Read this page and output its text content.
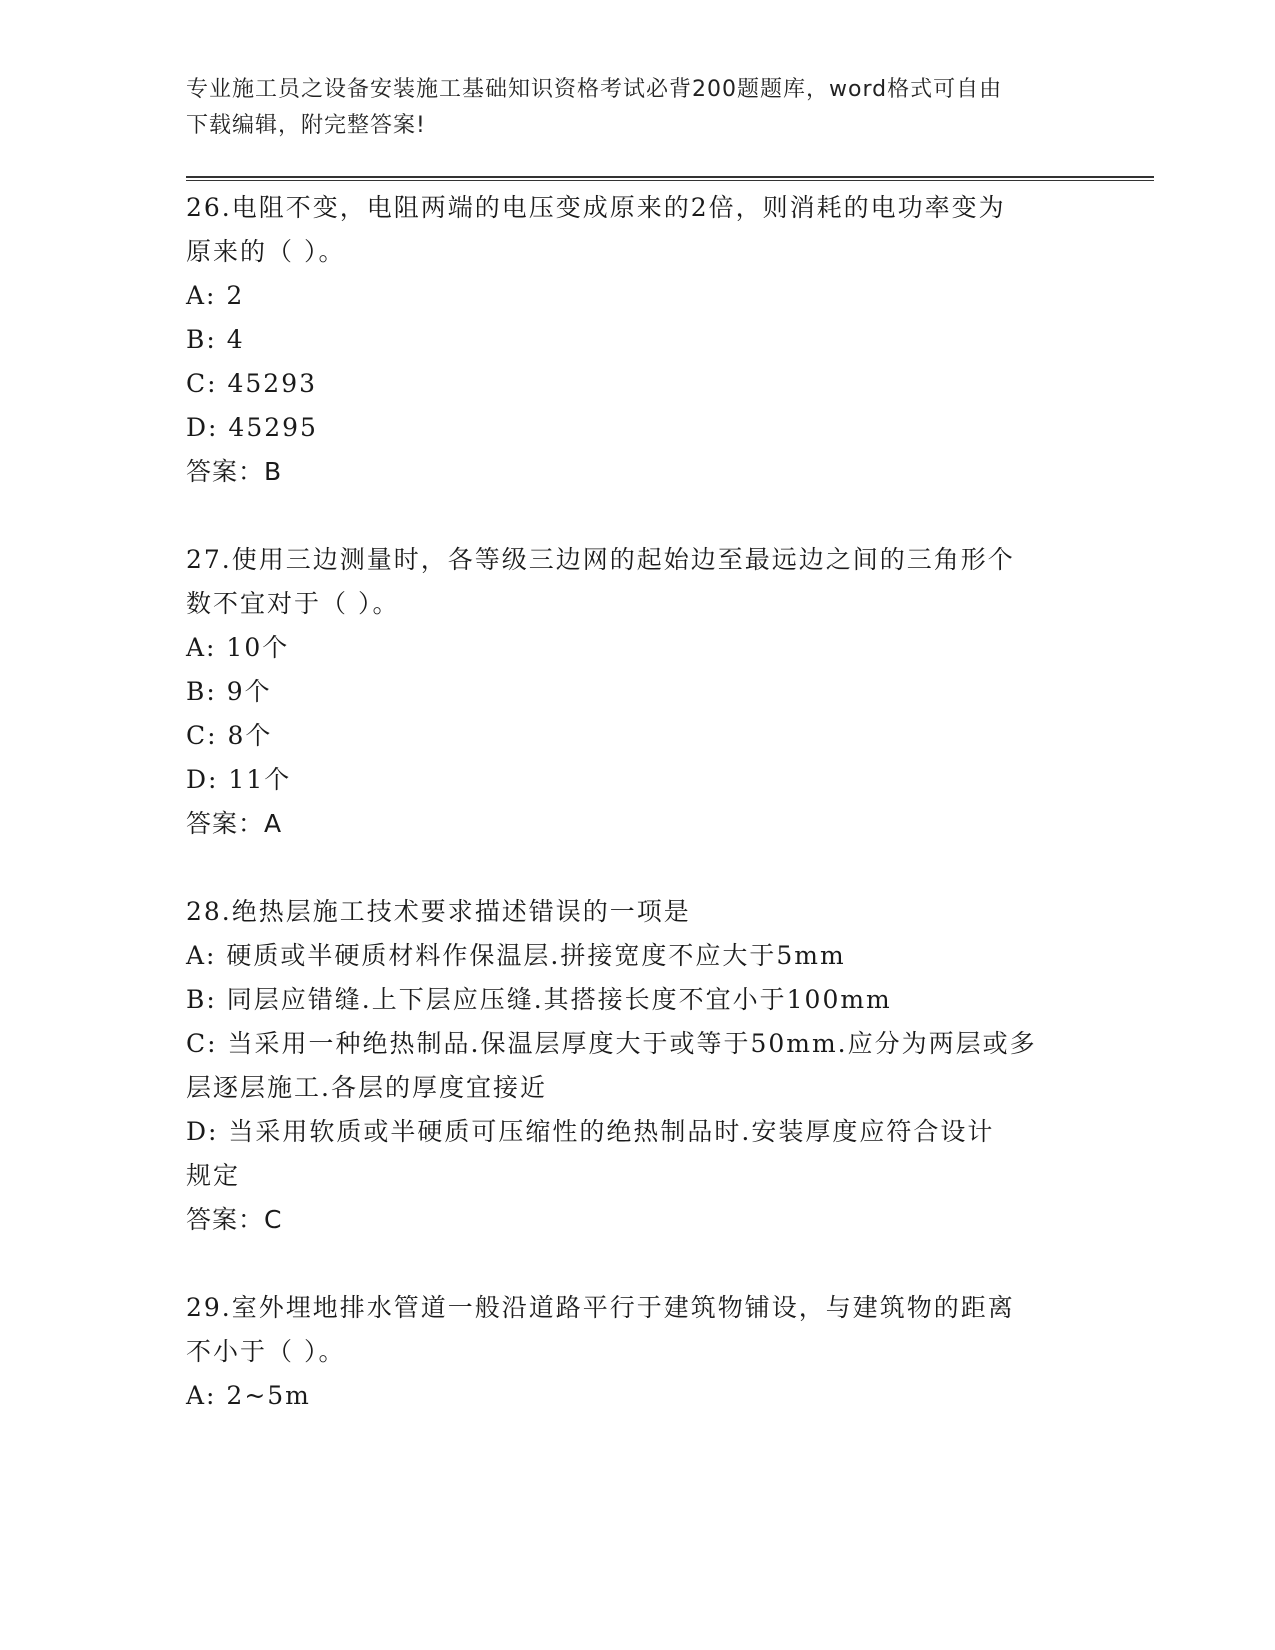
专业施工员之设备安装施工基础知识资格考试必背200题题库，word格式可自由
下载编辑，附完整答案!
26.电阻不变，电阻两端的电压变成原来的2倍，则消耗的电功率变为
原来的（ ）。
A: 2
B: 4
C: 45293
D: 45295
答案：B
27.使用三边测量时，各等级三边网的起始边至最远边之间的三角形个
数不宜对于（ ）。
A: 10个
B: 9个
C: 8个
D: 11个
答案：A
28.绝热层施工技术要求描述错误的一项是
A: 硬质或半硬质材料作保温层.拼接宽度不应大于5mm
B: 同层应错缝.上下层应压缝.其搭接长度不宜小于100mm
C: 当采用一种绝热制品.保温层厚度大于或等于50mm.应分为两层或多
层逐层施工.各层的厚度宜接近
D: 当采用软质或半硬质可压缩性的绝热制品时.安装厚度应符合设计
规定
答案：C
29.室外埋地排水管道一般沿道路平行于建筑物铺设，与建筑物的距离
不小于（ ）。
A: 2~5m
